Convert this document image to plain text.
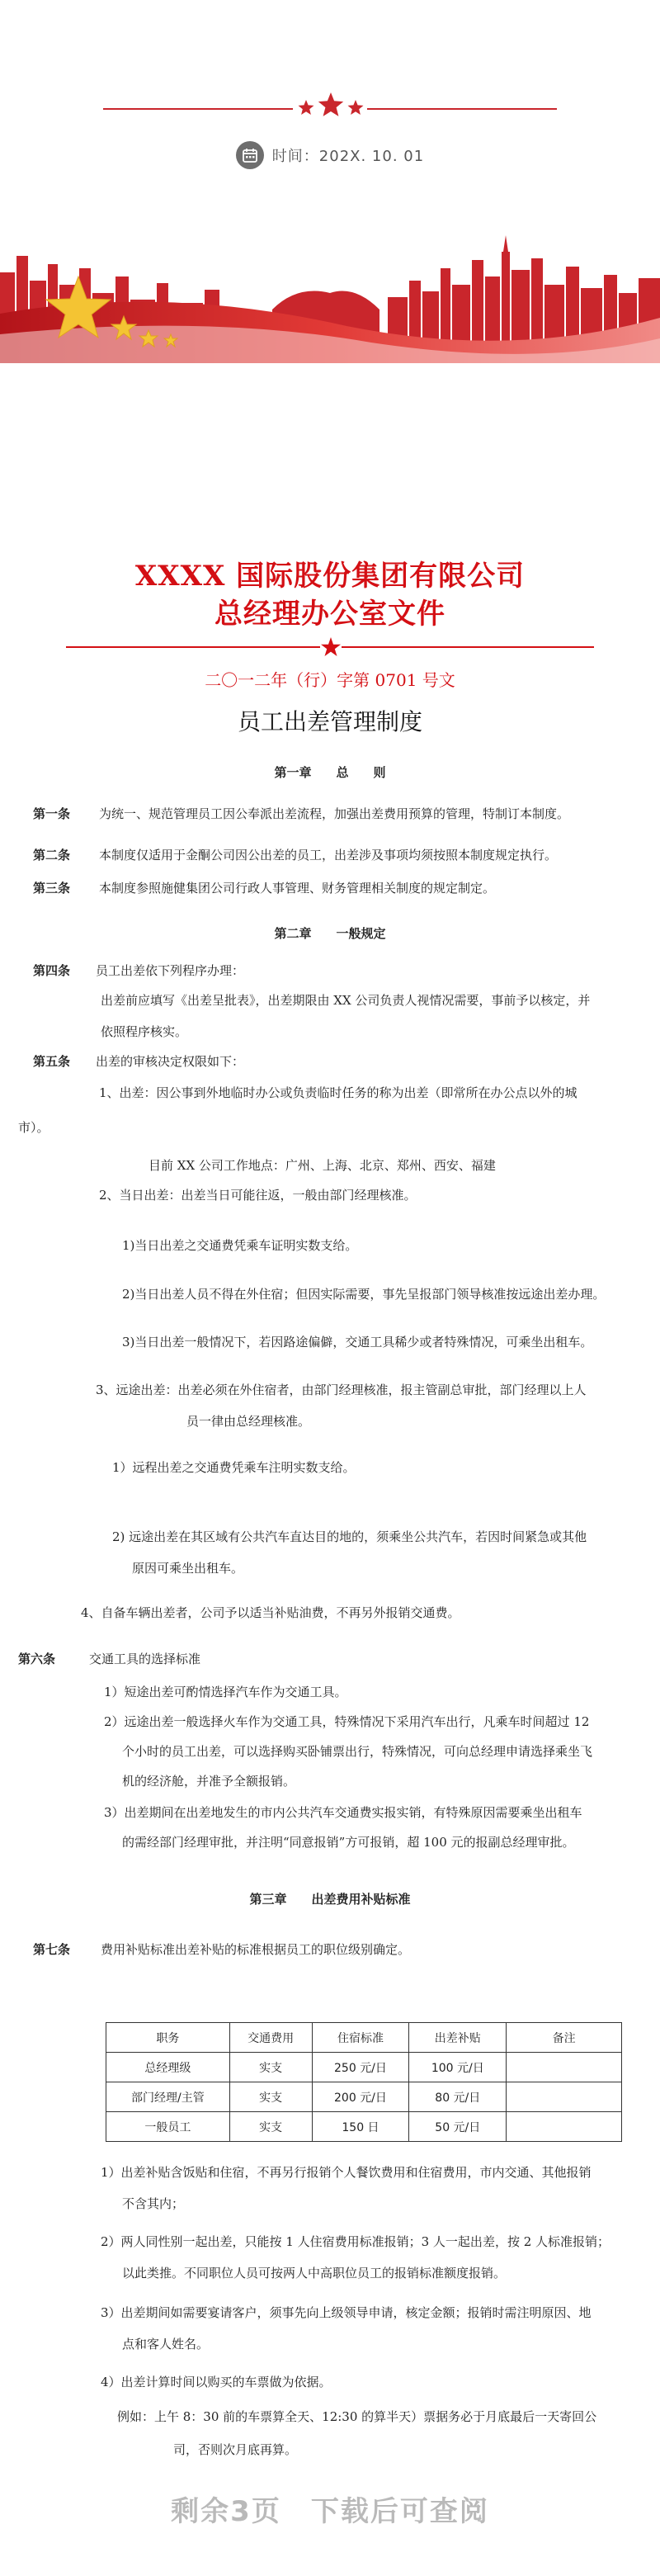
时间：202X. 10. 01
XXXX 国际股份集团有限公司
总经理办公室文件
二〇一二年（行）字第 0701 号文
员工出差管理制度
第一章　　总　　则
第一条 为统一、规范管理员工因公奉派出差流程，加强出差费用预算的管理，特制订本制度。
第二条 本制度仅适用于金酮公司因公出差的员工，出差涉及事项均须按照本制度规定执行。
第三条 本制度参照施健集团公司行政人事管理、财务管理相关制度的规定制定。
第二章　　一般规定
第四条 员工出差依下列程序办理：
出差前应填写《出差呈批表》，出差期限由 XX 公司负责人视情况需要，事前予以核定，并
依照程序核实。
第五条 出差的审核决定权限如下：
1、出差：因公事到外地临时办公或负责临时任务的称为出差（即常所在办公点以外的城
市）。
目前 XX 公司工作地点：广州、上海、北京、郑州、西安、福建
2、当日出差：出差当日可能往返，一般由部门经理核准。
1)当日出差之交通费凭乘车证明实数支给。
2)当日出差人员不得在外住宿；但因实际需要，事先呈报部门领导核准按远途出差办理。
3)当日出差一般情况下，若因路途偏僻，交通工具稀少或者特殊情况，可乘坐出租车。
3、远途出差：出差必须在外住宿者，由部门经理核准，报主管副总审批，部门经理以上人
员一律由总经理核准。
1）远程出差之交通费凭乘车注明实数支给。
2) 远途出差在其区域有公共汽车直达目的地的，须乘坐公共汽车，若因时间紧急或其他
原因可乘坐出租车。
4、自备车辆出差者，公司予以适当补贴油费，不再另外报销交通费。
第六条	交通工具的选择标准
1）短途出差可酌情选择汽车作为交通工具。
2）远途出差一般选择火车作为交通工具，特殊情况下采用汽车出行，凡乘车时间超过 12
个小时的员工出差，可以选择购买卧铺票出行，特殊情况，可向总经理申请选择乘坐飞
机的经济舱，并准予全额报销。
3）出差期间在出差地发生的市内公共汽车交通费实报实销，有特殊原因需要乘坐出租车
的需经部门经理审批，并注明“同意报销”方可报销，超 100 元的报副总经理审批。
第三章　　出差费用补贴标准
第七条 费用补贴标准出差补贴的标准根据员工的职位级别确定。
职务	交通费用	住宿标准	出差补贴	备注
总经理级	实支	250 元/日	100 元/日	
部门经理/主管	实支	200 元/日	80 元/日	
一般员工	实支	150 日	50 元/日	
1）出差补贴含饭贴和住宿，不再另行报销个人餐饮费用和住宿费用，市内交通、其他报销
不含其内；
2）两人同性别一起出差，只能按 1 人住宿费用标准报销；3 人一起出差，按 2 人标准报销；
以此类推。不同职位人员可按两人中高职位员工的报销标准额度报销。
3）出差期间如需要宴请客户，须事先向上级领导申请，核定金额；报销时需注明原因、地
点和客人姓名。
4）出差计算时间以购买的车票做为依据。
例如：上午 8：30 前的车票算全天、12:30 的算半天）票据务必于月底最后一天寄回公
司，否则次月底再算。
剩余3页　下载后可查阅
